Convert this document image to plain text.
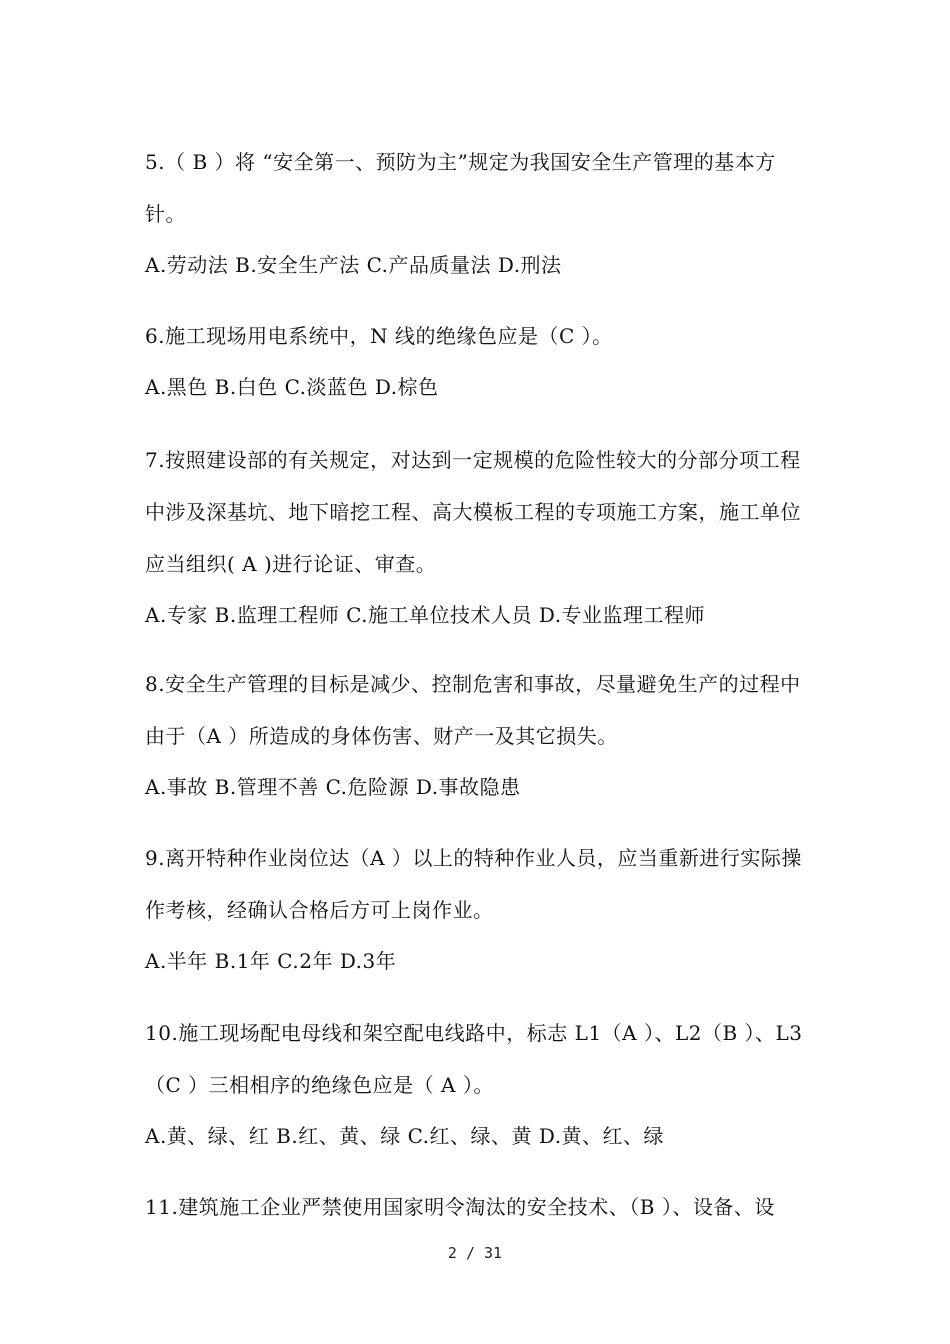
5.（ B ）将 “安全第一、预防为主”规定为我国安全生产管理的基本方针。

A.劳动法 B.安全生产法 C.产品质量法 D.刑法

6.施工现场用电系统中，N 线的绝缘色应是（C ）。

A.黑色 B.白色 C.淡蓝色 D.棕色

7.按照建设部的有关规定，对达到一定规模的危险性较大的分部分项工程中涉及深基坑、地下暗挖工程、高大模板工程的专项施工方案，施工单位应当组织( A )进行论证、审查。

A.专家 B.监理工程师 C.施工单位技术人员 D.专业监理工程师

8.安全生产管理的目标是减少、控制危害和事故，尽量避免生产的过程中由于（A ）所造成的身体伤害、财产一及其它损失。

A.事故 B.管理不善 C.危险源 D.事故隐患

9.离开特种作业岗位达（A ）以上的特种作业人员，应当重新进行实际操作考核，经确认合格后方可上岗作业。

A.半年 B.1年 C.2年 D.3年

10.施工现场配电母线和架空配电线路中，标志 L1（A ）、L2（B ）、L3（C ）三相相序的绝缘色应是（ A ）。

A.黄、绿、红 B.红、黄、绿 C.红、绿、黄 D.黄、红、绿

11.建筑施工企业严禁使用国家明令淘汰的安全技术、（B ）、设备、设

2 / 31
